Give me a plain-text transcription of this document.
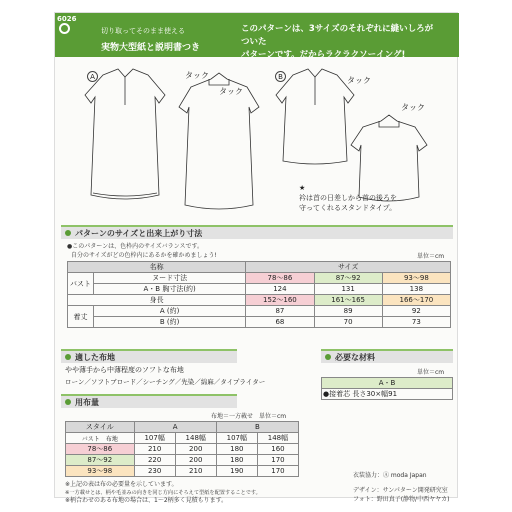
6026
切り取ってそのまま使える
実物大型紙と説明書つき
このパターンは、3サイズのそれぞれに縫いしろがついた
パターンです。だからラクラクソーイング!
A	タック
タック
B	タック
タック
★
衿は首の日差しから首の後ろを
守ってくれるスタンドタイプ。
パターンのサイズと出来上がり寸法
●このパターンは、色枠内のサイズバランスです。
自分のサイズがどの色枠内にあるかを確かめましょう!	単位＝cm
名称		サイズ		
バスト	ヌード寸法	78〜86	87〜92	93〜98
	A・B 胸寸法(約)	124	131	138
身長		152〜160	161〜165	166〜170
着丈	A (約)	87	89	92
	B (約)	68	70	73
適した布地
やや薄手から中薄程度のソフトな布地
ローン／ソフトブロード／シーチング／先染／綿麻／タイプライター
必要な材料
単位＝cm
A・B
●接着芯 長さ30×幅91
用布量
布地＝一方載せ　単位＝cm
スタイル	A		B	
バスト　 布地	107幅	148幅	107幅	148幅
78〜86	210	200	180	160
87〜92	220	200	180	170
93〜98	230	210	190	170
※上記の表は布の必要量を示しています。
※一方載せとは、柄や毛並みの向きを同じ方向にそろえて型紙を配置することです。
※柄合わせのある布地の場合は、1〜2柄多く見積もります。
衣装協力：Ⓐ moda Japan
デザイン：サンパターン開発研究室
フォト：野田真子(静物/中西ヤヤカ)
